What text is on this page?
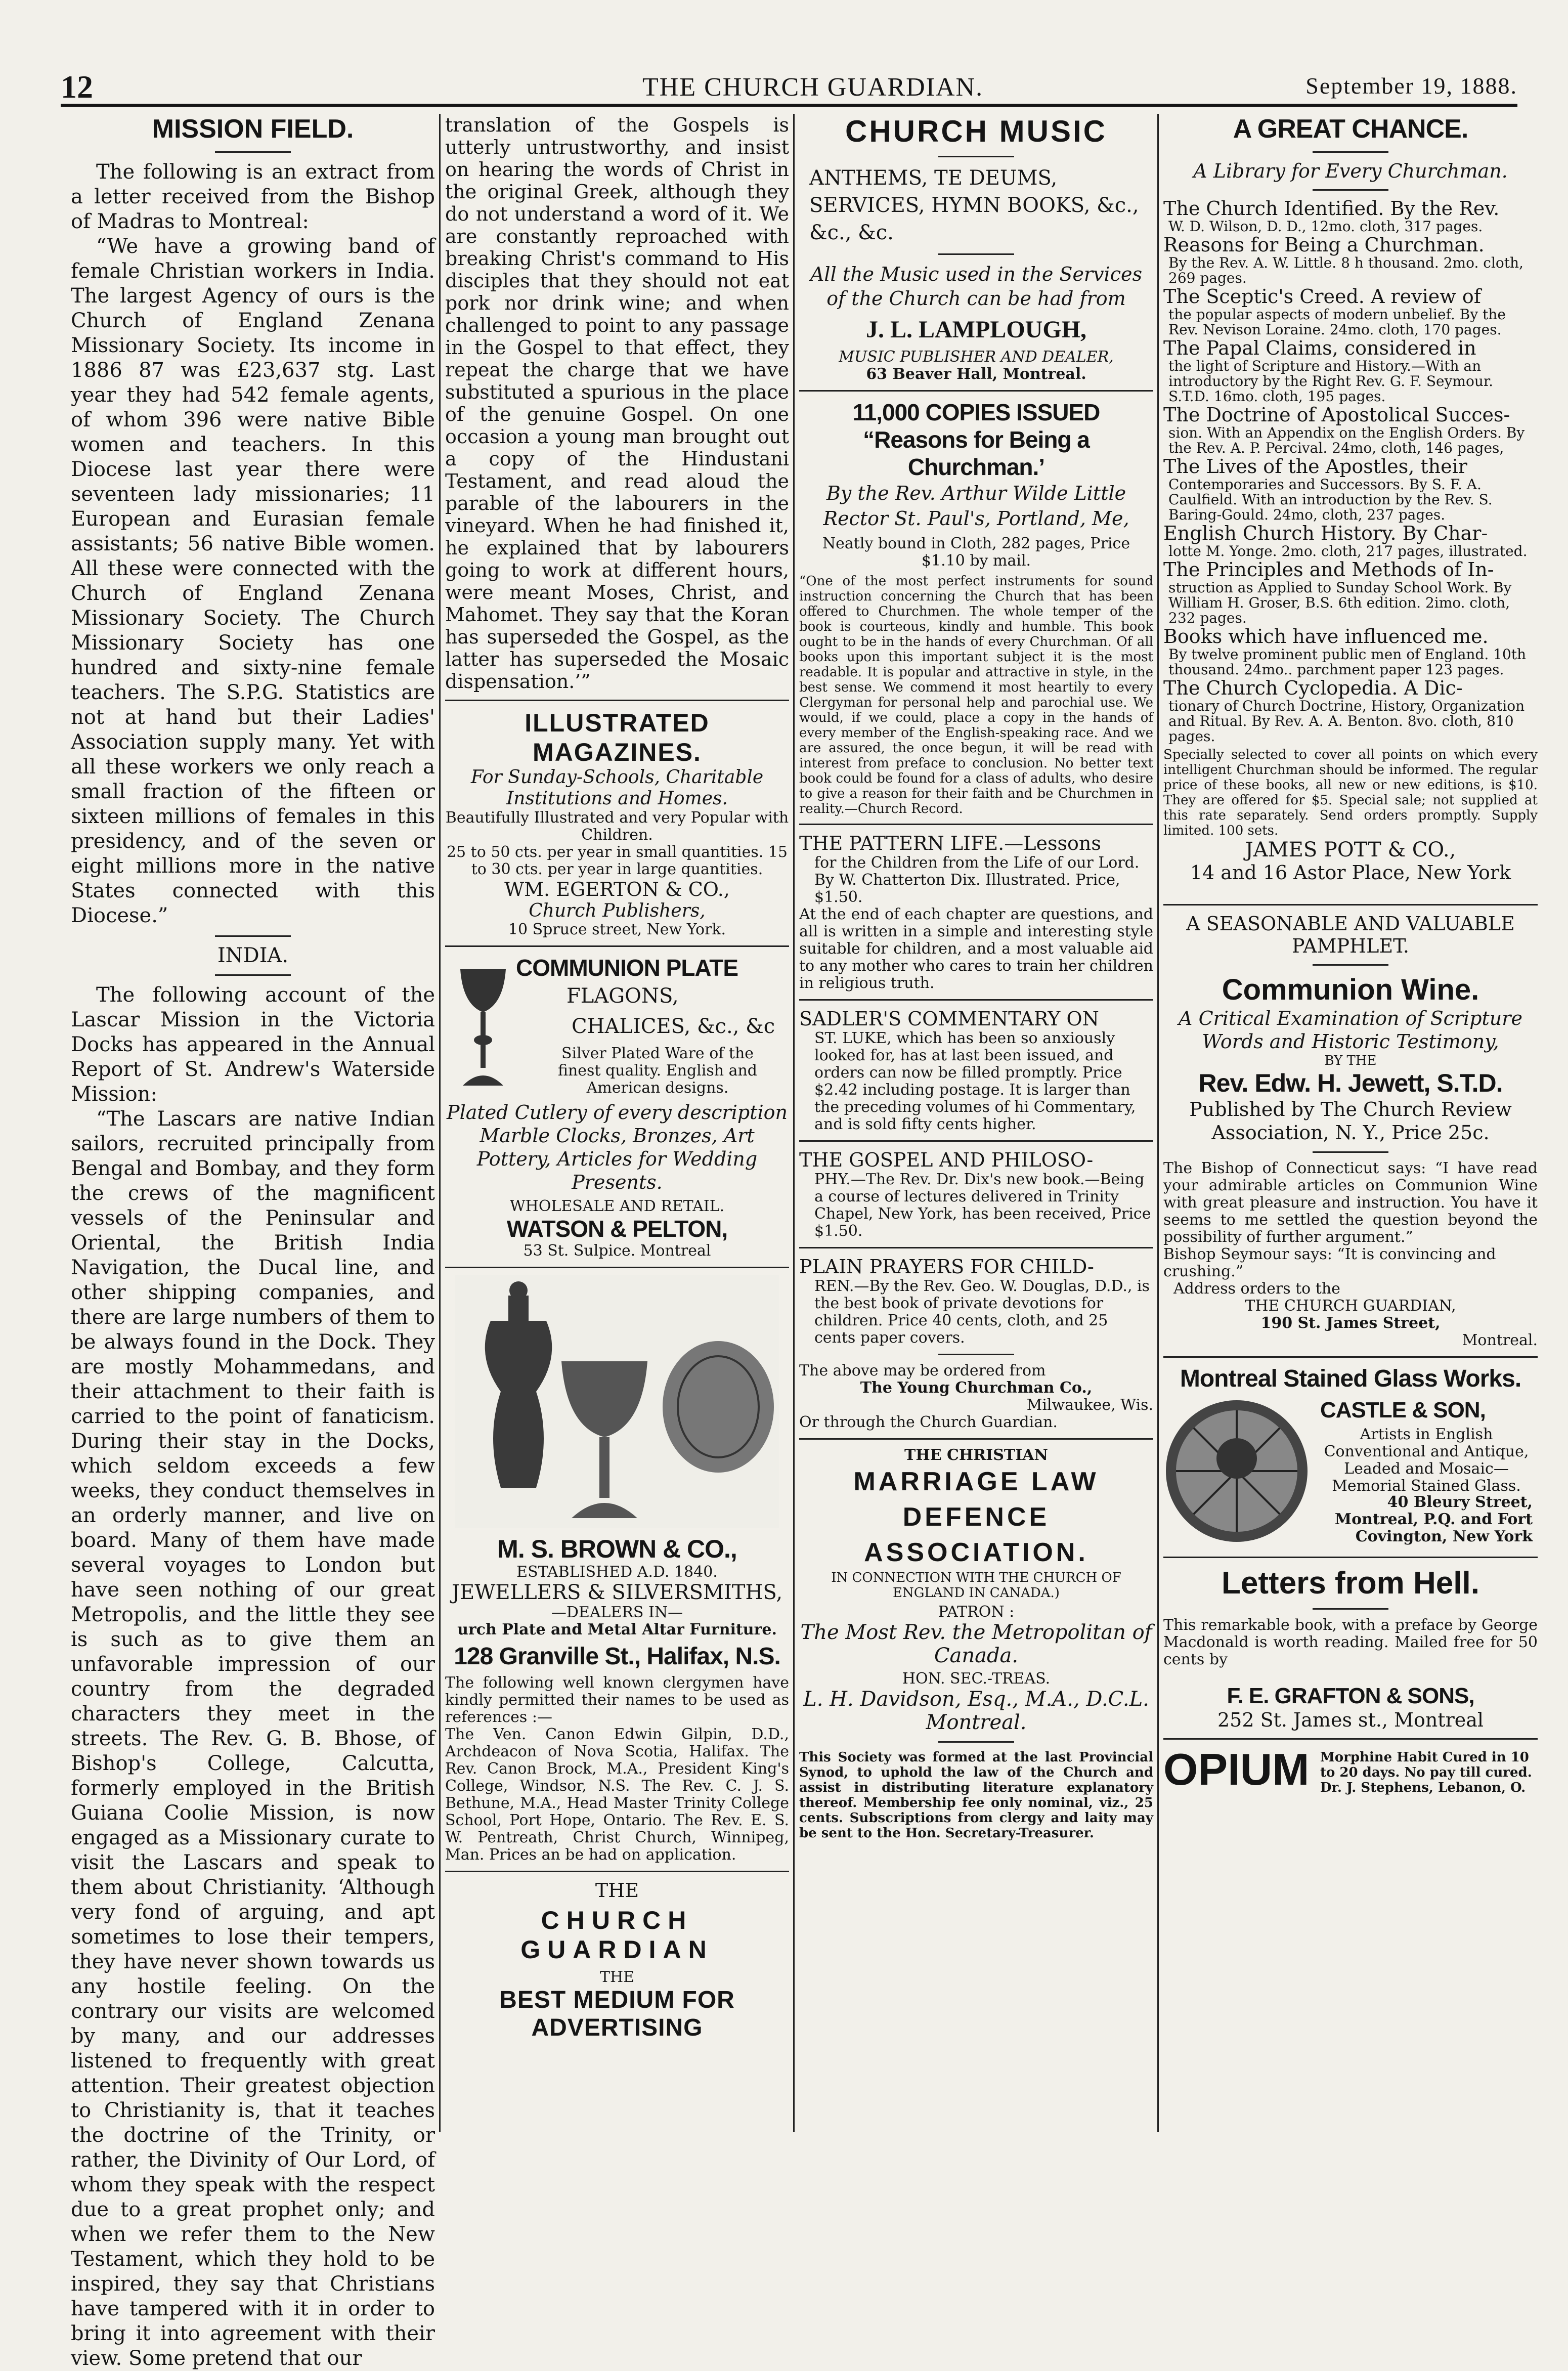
12	THE CHURCH GUARDIAN.	September 19, 1888.

MISSION FIELD.

The following is an extract from a letter received from the Bishop of Madras to Montreal:

“We have a growing band of female Christian workers in India. The largest Agency of ours is the Church of England Zenana Missionary Society. Its income in 1886 87 was £23,637 stg. Last year they had 542 female agents, of whom 396 were native Bible women and teachers. In this Diocese last year there were seventeen lady missionaries; 11 European and Eurasian female assistants; 56 native Bible women. All these were connected with the Church of England Zenana Missionary Society. The Church Missionary Society has one hundred and sixty-nine female teachers. The S.P.G. Statistics are not at hand but their Ladies' Association supply many. Yet with all these workers we only reach a small fraction of the fifteen or sixteen millions of females in this presidency, and of the seven or eight millions more in the native States connected with this Diocese.”

INDIA.

The following account of the Lascar Mission in the Victoria Docks has appeared in the Annual Report of St. Andrew's Waterside Mission:

“The Lascars are native Indian sailors, recruited principally from Bengal and Bombay, and they form the crews of the magnificent vessels of the Peninsular and Oriental, the British India Navigation, the Ducal line, and other shipping companies, and there are large numbers of them to be always found in the Dock. They are mostly Mohammedans, and their attachment to their faith is carried to the point of fanaticism. During their stay in the Docks, which seldom exceeds a few weeks, they conduct themselves in an orderly manner, and live on board. Many of them have made several voyages to London but have seen nothing of our great Metropolis, and the little they see is such as to give them an unfavorable impression of our country from the degraded characters they meet in the streets. The Rev. G. B. Bhose, of Bishop's College, Calcutta, formerly employed in the British Guiana Coolie Mission, is now engaged as a Missionary curate to visit the Lascars and speak to them about Christianity. ‘Although very fond of arguing, and apt sometimes to lose their tempers, they have never shown towards us any hostile feeling. On the contrary our visits are welcomed by many, and our addresses listened to frequently with great attention. Their greatest objection to Christianity is, that it teaches the doctrine of the Trinity, or rather, the Divinity of Our Lord, of whom they speak with the respect due to a great prophet only; and when we refer them to the New Testament, which they hold to be inspired, they say that Christians have tampered with it in order to bring it into agreement with their view. Some pretend that our

translation of the Gospels is utterly untrustworthy, and insist on hearing the words of Christ in the original Greek, although they do not understand a word of it. We are constantly reproached with breaking Christ's command to His disciples that they should not eat pork nor drink wine; and when challenged to point to any passage in the Gospel to that effect, they repeat the charge that we have substituted a spurious in the place of the genuine Gospel. On one occasion a young man brought out a copy of the Hindustani Testament, and read aloud the parable of the labourers in the vineyard. When he had finished it, he explained that by labourers going to work at different hours, were meant Moses, Christ, and Mahomet. They say that the Koran has superseded the Gospel, as the latter has superseded the Mosaic dispensation.’”

ILLUSTRATED MAGAZINES.

For Sunday-Schools, Charitable Institutions and Homes.

Beautifully Illustrated and very Popular with Children.

25 to 50 cts. per year in small quantities. 15 to 30 cts. per year in large quantities.

WM. EGERTON & CO.,

Church Publishers,

10 Spruce street, New York.

COMMUNION PLATE

FLAGONS,

CHALICES, &c., &c

Silver Plated Ware of the finest quality. English and American designs.

Plated Cutlery of every description Marble Clocks, Bronzes, Art Pottery, Articles for Wedding Presents.

WHOLESALE AND RETAIL.

WATSON & PELTON,

53 St. Sulpice. Montreal

M. S. BROWN & CO.,

ESTABLISHED A.D. 1840.

JEWELLERS & SILVERSMITHS,

—DEALERS IN—

urch Plate and Metal Altar Furniture.

128 Granville St., Halifax, N.S.

The following well known clergymen have kindly permitted their names to be used as references :—

The Ven. Canon Edwin Gilpin, D.D., Archdeacon of Nova Scotia, Halifax. The Rev. Canon Brock, M.A., President King's College, Windsor, N.S. The Rev. C. J. S. Bethune, M.A., Head Master Trinity College School, Port Hope, Ontario. The Rev. E. S. W. Pentreath, Christ Church, Winnipeg, Man. Prices an be had on application.

THE

CHURCH GUARDIAN

THE

BEST MEDIUM FOR ADVERTISING

CHURCH MUSIC

ANTHEMS, TE DEUMS, SERVICES, HYMN BOOKS, &c., &c., &c.

All the Music used in the Services of the Church can be had from

J. L. LAMPLOUGH,

MUSIC PUBLISHER AND DEALER,

63 Beaver Hall, Montreal.

11,000 COPIES ISSUED

“Reasons for Being a Churchman.’

By the Rev. Arthur Wilde Little Rector St. Paul's, Portland, Me,

Neatly bound in Cloth, 282 pages, Price $1.10 by mail.

“One of the most perfect instruments for sound instruction concerning the Church that has been offered to Churchmen. The whole temper of the book is courteous, kindly and humble. This book ought to be in the hands of every Churchman. Of all books upon this important subject it is the most readable. It is popular and attractive in style, in the best sense. We commend it most heartily to every Clergyman for personal help and parochial use. We would, if we could, place a copy in the hands of every member of the English-speaking race. And we are assured, the once begun, it will be read with interest from preface to conclusion. No better text book could be found for a class of adults, who desire to give a reason for their faith and be Churchmen in reality.—Church Record.

THE PATTERN LIFE.—Lessons

for the Children from the Life of our Lord. By W. Chatterton Dix. Illustrated. Price, $1.50.

At the end of each chapter are questions, and all is written in a simple and interesting style suitable for children, and a most valuable aid to any mother who cares to train her children in religious truth.

SADLER'S COMMENTARY ON

ST. LUKE, which has been so anxiously looked for, has at last been issued, and orders can now be filled promptly. Price $2.42 including postage. It is larger than the preceding volumes of hi Commentary, and is sold fifty cents higher.

THE GOSPEL AND PHILOSO-

PHY.—The Rev. Dr. Dix's new book.—Being a course of lectures delivered in Trinity Chapel, New York, has been received, Price $1.50.

PLAIN PRAYERS FOR CHILD-

REN.—By the Rev. Geo. W. Douglas, D.D., is the best book of private devotions for children. Price 40 cents, cloth, and 25 cents paper covers.

The above may be ordered from

The Young Churchman Co.,

Milwaukee, Wis.

Or through the Church Guardian.

THE CHRISTIAN

MARRIAGE LAW DEFENCE ASSOCIATION.

IN CONNECTION WITH THE CHURCH OF ENGLAND IN CANADA.)

PATRON :

The Most Rev. the Metropolitan of Canada.

HON. SEC.-TREAS.

L. H. Davidson, Esq., M.A., D.C.L. Montreal.

This Society was formed at the last Provincial Synod, to uphold the law of the Church and assist in distributing literature explanatory thereof. Membership fee only nominal, viz., 25 cents. Subscriptions from clergy and laity may be sent to the Hon. Secretary-Treasurer.

A GREAT CHANCE.

A Library for Every Churchman.

The Church Identified. By the Rev.

W. D. Wilson, D. D., 12mo. cloth, 317 pages.

Reasons for Being a Churchman.

By the Rev. A. W. Little. 8 h thousand. 2mo. cloth, 269 pages.

The Sceptic's Creed. A review of

the popular aspects of modern unbelief. By the Rev. Nevison Loraine. 24mo. cloth, 170 pages.

The Papal Claims, considered in

the light of Scripture and History.—With an introductory by the Right Rev. G. F. Seymour. S.T.D. 16mo. cloth, 195 pages.

The Doctrine of Apostolical Succes-

sion. With an Appendix on the English Orders. By the Rev. A. P. Percival. 24mo, cloth, 146 pages,

The Lives of the Apostles, their

Contemporaries and Successors. By S. F. A. Caulfield. With an introduction by the Rev. S. Baring-Gould. 24mo, cloth, 237 pages.

English Church History. By Char-

lotte M. Yonge. 2mo. cloth, 217 pages, illustrated.

The Principles and Methods of In-

struction as Applied to Sunday School Work. By William H. Groser, B.S. 6th edition. 2imo. cloth, 232 pages.

Books which have influenced me.

By twelve prominent public men of England. 10th thousand. 24mo.. parchment paper 123 pages.

The Church Cyclopedia. A Dic-

tionary of Church Doctrine, History, Organization and Ritual. By Rev. A. A. Benton. 8vo. cloth, 810 pages.

Specially selected to cover all points on which every intelligent Churchman should be informed. The regular price of these books, all new or new editions, is $10. They are offered for $5. Special sale; not supplied at this rate separately. Send orders promptly. Supply limited. 100 sets.

JAMES POTT & CO.,

14 and 16 Astor Place, New York

A SEASONABLE AND VALUABLE PAMPHLET.

Communion Wine.

A Critical Examination of Scripture Words and Historic Testimony,

BY THE

Rev. Edw. H. Jewett, S.T.D.

Published by The Church Review Association, N. Y., Price 25c.

The Bishop of Connecticut says: “I have read your admirable articles on Communion Wine with great pleasure and instruction. You have it seems to me settled the question beyond the possibility of further argument.”

Bishop Seymour says: “It is convincing and crushing.”

Address orders to the

THE CHURCH GUARDIAN,

190 St. James Street,

Montreal.

Montreal Stained Glass Works.

CASTLE & SON,

Artists in English Conventional and Antique, Leaded and Mosaic—Memorial Stained Glass.

40 Bleury Street, Montreal, P.Q. and Fort Covington, New York

Letters from Hell.

This remarkable book, with a preface by George Macdonald is worth reading. Mailed free for 50 cents by

F. E. GRAFTON & SONS,

252 St. James st., Montreal

OPIUM Morphine Habit Cured in 10 to 20 days. No pay till cured. Dr. J. Stephens, Lebanon, O.
